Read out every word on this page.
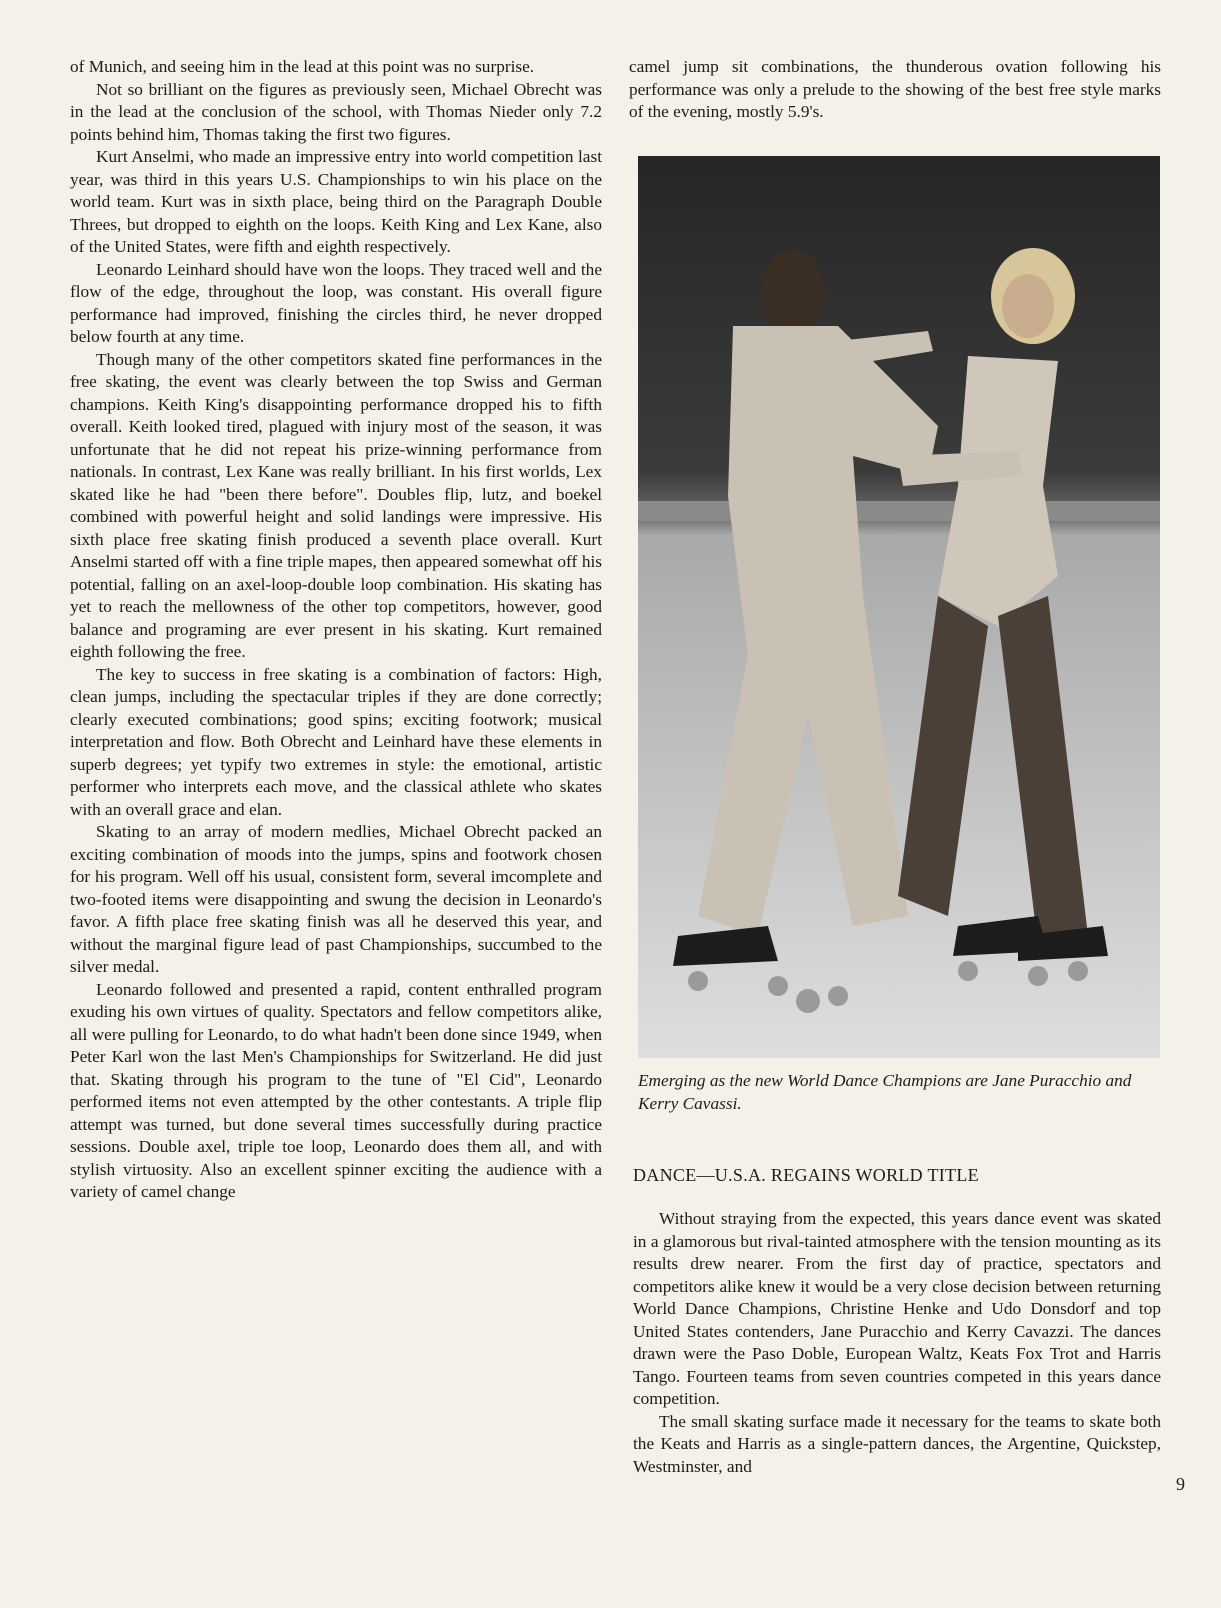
of Munich, and seeing him in the lead at this point was no surprise.

Not so brilliant on the figures as previously seen, Michael Obrecht was in the lead at the conclusion of the school, with Thomas Nieder only 7.2 points behind him, Thomas taking the first two figures.

Kurt Anselmi, who made an impressive entry into world competition last year, was third in this years U.S. Championships to win his place on the world team. Kurt was in sixth place, being third on the Paragraph Double Threes, but dropped to eighth on the loops. Keith King and Lex Kane, also of the United States, were fifth and eighth respectively.

Leonardo Leinhard should have won the loops. They traced well and the flow of the edge, throughout the loop, was constant. His overall figure performance had improved, finishing the circles third, he never dropped below fourth at any time.

Though many of the other competitors skated fine performances in the free skating, the event was clearly between the top Swiss and German champions. Keith King's disappointing performance dropped his to fifth overall. Keith looked tired, plagued with injury most of the season, it was unfortunate that he did not repeat his prize-winning performance from nationals. In contrast, Lex Kane was really brilliant. In his first worlds, Lex skated like he had "been there before". Doubles flip, lutz, and boekel combined with powerful height and solid landings were impressive. His sixth place free skating finish produced a seventh place overall. Kurt Anselmi started off with a fine triple mapes, then appeared somewhat off his potential, falling on an axel-loop-double loop combination. His skating has yet to reach the mellowness of the other top competitors, however, good balance and programing are ever present in his skating. Kurt remained eighth following the free.

The key to success in free skating is a combination of factors: High, clean jumps, including the spectacular triples if they are done correctly; clearly executed combinations; good spins; exciting footwork; musical interpretation and flow. Both Obrecht and Leinhard have these elements in superb degrees; yet typify two extremes in style: the emotional, artistic performer who interprets each move, and the classical athlete who skates with an overall grace and elan.

Skating to an array of modern medlies, Michael Obrecht packed an exciting combination of moods into the jumps, spins and footwork chosen for his program. Well off his usual, consistent form, several imcomplete and two-footed items were disappointing and swung the decision in Leonardo's favor. A fifth place free skating finish was all he deserved this year, and without the marginal figure lead of past Championships, succumbed to the silver medal.

Leonardo followed and presented a rapid, content enthralled program exuding his own virtues of quality. Spectators and fellow competitors alike, all were pulling for Leonardo, to do what hadn't been done since 1949, when Peter Karl won the last Men's Championships for Switzerland. He did just that. Skating through his program to the tune of "El Cid", Leonardo performed items not even attempted by the other contestants. A triple flip attempt was turned, but done several times successfully during practice sessions. Double axel, triple toe loop, Leonardo does them all, and with stylish virtuosity. Also an excellent spinner exciting the audience with a variety of camel change

camel jump sit combinations, the thunderous ovation following his performance was only a prelude to the showing of the best free style marks of the evening, mostly 5.9's.

Emerging as the new World Dance Champions are Jane Puracchio and Kerry Cavassi.
DANCE—U.S.A. REGAINS WORLD TITLE

Without straying from the expected, this years dance event was skated in a glamorous but rival-tainted atmosphere with the tension mounting as its results drew nearer. From the first day of practice, spectators and competitors alike knew it would be a very close decision between returning World Dance Champions, Christine Henke and Udo Donsdorf and top United States contenders, Jane Puracchio and Kerry Cavazzi. The dances drawn were the Paso Doble, European Waltz, Keats Fox Trot and Harris Tango. Fourteen teams from seven countries competed in this years dance competition.

The small skating surface made it necessary for the teams to skate both the Keats and Harris as a single-pattern dances, the Argentine, Quickstep, Westminster, and

9
